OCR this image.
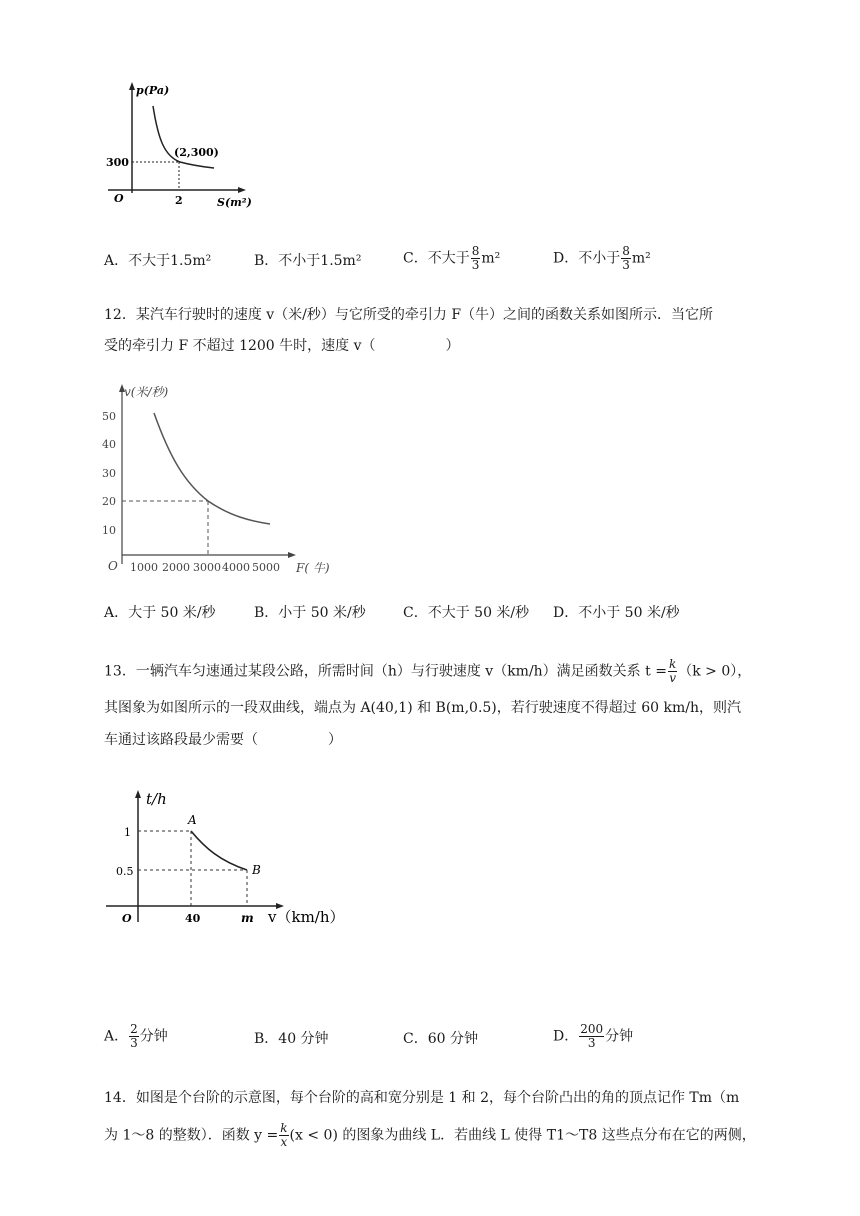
p(Pa)
S(m²)
O
300
2
(2,300)
A．不大于1.5m²	B．不小于1.5m²	C．不大于 $\frac{8}{3} m^2$	D．不小于 $\frac{8}{3} m^2$
12．某汽车行驶时的速度 v（米/秒）与它所受的牵引力 F（牛）之间的函数关系如图所示．当它所
受的牵引力 F 不超过 1200 牛时，速度 v（　　　　　）
v(米/秒)
F( 牛)
O
50
40
30
20
10
1000 2000 3000 4000 5000
A．大于 50 米/秒	B．小于 50 米/秒	C．不大于 50 米/秒 D．不小于 50 米/秒
13．一辆汽车匀速通过某段公路，所需时间（h）与行驶速度 v（km/h）满足函数关系 $t = \frac{k}{v} (k > 0)$，
其图象为如图所示的一段双曲线，端点为 A(40,1) 和 B(m,0.5)，若行驶速度不得超过 60 km/h，则汽
车通过该路段最少需要（　　　　　）
t/h
v（km/h）
O
1
0.5
40	m
A
B
A． $\frac{2}{3}$ 分钟	B．40 分钟	C．60 分钟	D． $\frac{200}{3}$ 分钟
14．如图是个台阶的示意图，每个台阶的高和宽分别是 1 和 2，每个台阶凸出的角的顶点记作 Tm（m
为 1～8 的整数）．函数 $y = \frac{k}{x} (x < 0)$ 的图象为曲线 L．若曲线 L 使得 T1～T8 这些点分布在它的两侧，
